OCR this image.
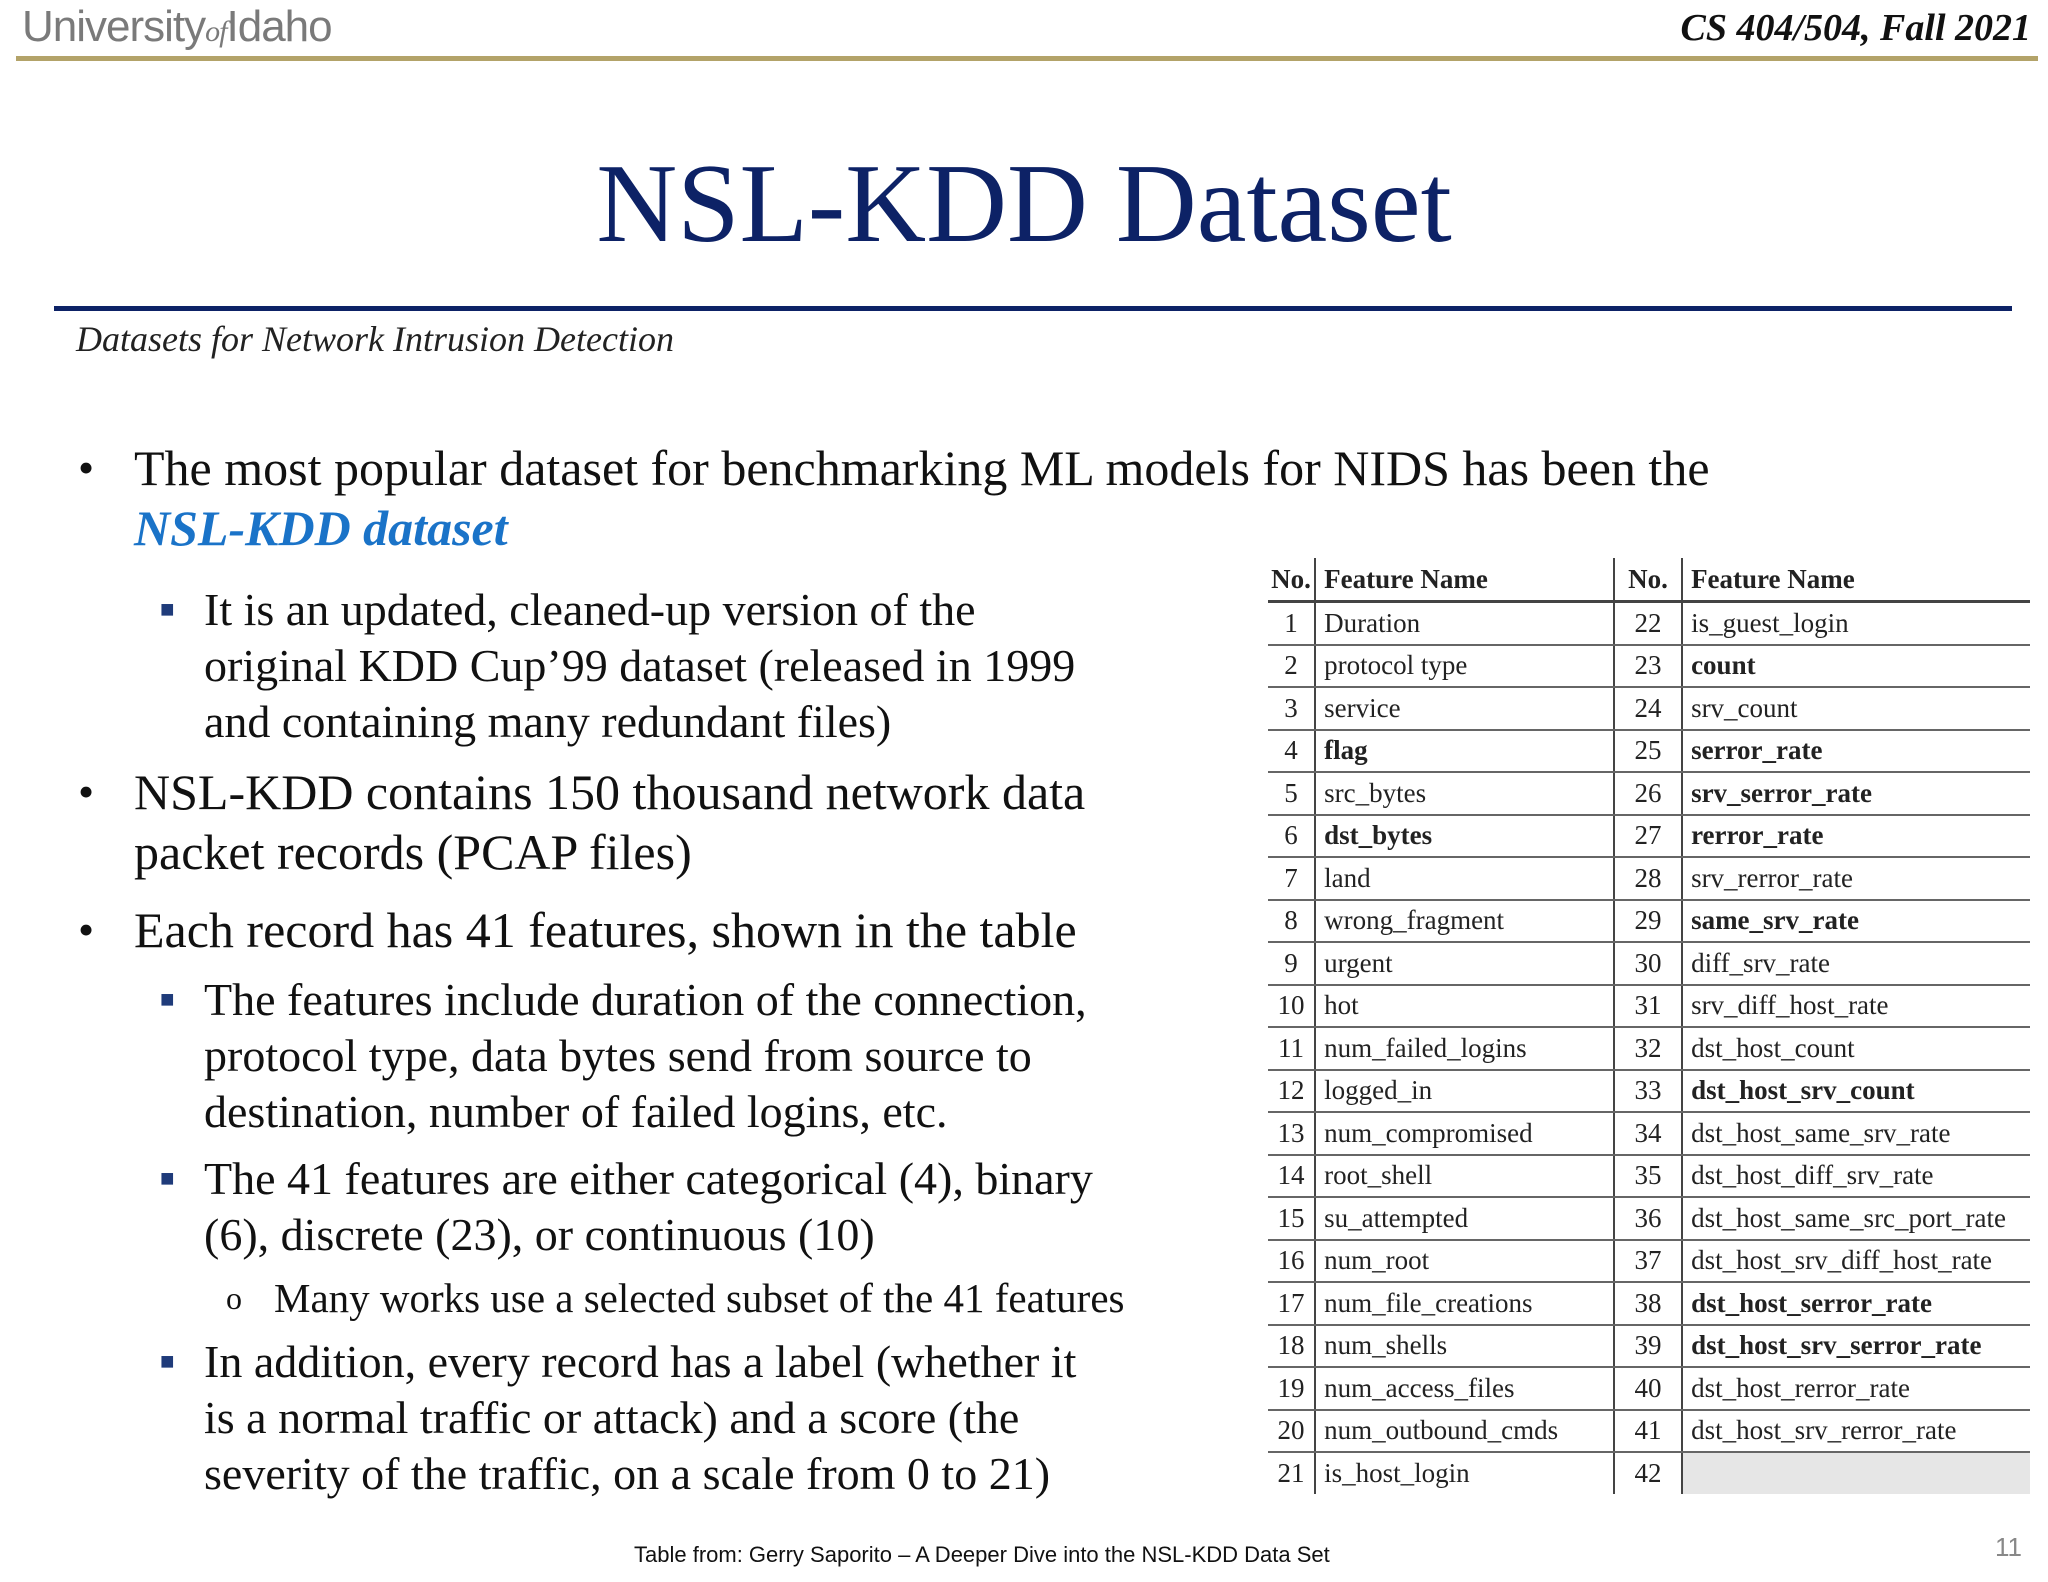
UniversityofIdaho	CS 404/504, Fall 2021
NSL-KDD Dataset
Datasets for Network Intrusion Detection
• The most popular dataset for benchmarking ML models for NIDS has been the
NSL-KDD dataset
■ It is an updated, cleaned-up version of the
original KDD Cup’99 dataset (released in 1999
and containing many redundant files)
• NSL-KDD contains 150 thousand network data
packet records (PCAP files)
• Each record has 41 features, shown in the table
■ The features include duration of the connection,
protocol type, data bytes send from source to
destination, number of failed logins, etc.
■ The 41 features are either categorical (4), binary
(6), discrete (23), or continuous (10)
o Many works use a selected subset of the 41 features
■ In addition, every record has a label (whether it
is a normal traffic or attack) and a score (the
severity of the traffic, on a scale from 0 to 21)
No.	Feature Name	No.	Feature Name
1	Duration	22	is_guest_login
2	protocol type	23	count
3	service	24	srv_count
4	flag	25	serror_rate
5	src_bytes	26	srv_serror_rate
6	dst_bytes	27	rerror_rate
7	land	28	srv_rerror_rate
8	wrong_fragment	29	same_srv_rate
9	urgent	30	diff_srv_rate
10	hot	31	srv_diff_host_rate
11	num_failed_logins	32	dst_host_count
12	logged_in	33	dst_host_srv_count
13	num_compromised	34	dst_host_same_srv_rate
14	root_shell	35	dst_host_diff_srv_rate
15	su_attempted	36	dst_host_same_src_port_rate
16	num_root	37	dst_host_srv_diff_host_rate
17	num_file_creations	38	dst_host_serror_rate
18	num_shells	39	dst_host_srv_serror_rate
19	num_access_files	40	dst_host_rerror_rate
20	num_outbound_cmds	41	dst_host_srv_rerror_rate
21	is_host_login	42	
Table from: Gerry Saporito – A Deeper Dive into the NSL-KDD Data Set	11
